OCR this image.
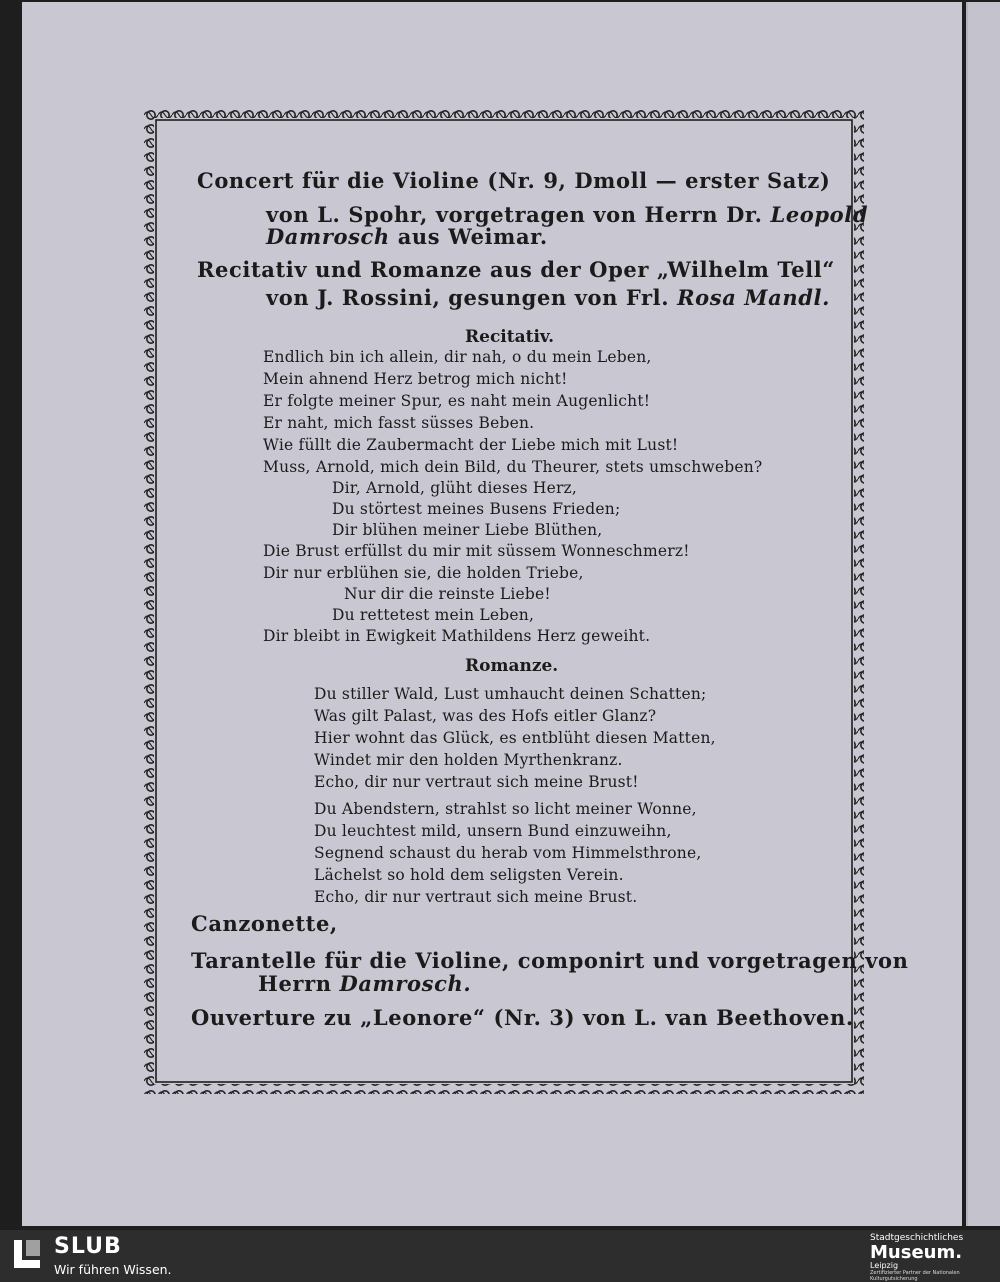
Concert für die Violine (Nr. 9, Dmoll — erster Satz)
von L. Spohr, vorgetragen von Herrn Dr. Leopold
Damrosch aus Weimar.
Recitativ und Romanze aus der Oper „Wilhelm Tell“
von J. Rossini, gesungen von Frl. Rosa Mandl.
Recitativ.
Endlich bin ich allein, dir nah, o du mein Leben,
Mein ahnend Herz betrog mich nicht!
Er folgte meiner Spur, es naht mein Augenlicht!
Er naht, mich fasst süsses Beben.
Wie füllt die Zaubermacht der Liebe mich mit Lust!
Muss, Arnold, mich dein Bild, du Theurer, stets umschweben?
Dir, Arnold, glüht dieses Herz,
Du störtest meines Busens Frieden;
Dir blühen meiner Liebe Blüthen,
Die Brust erfüllst du mir mit süssem Wonneschmerz!
Dir nur erblühen sie, die holden Triebe,
Nur dir die reinste Liebe!
Du rettetest mein Leben,
Dir bleibt in Ewigkeit Mathildens Herz geweiht.
Romanze.
Du stiller Wald, Lust umhaucht deinen Schatten;
Was gilt Palast, was des Hofs eitler Glanz?
Hier wohnt das Glück, es entblüht diesen Matten,
Windet mir den holden Myrthenkranz.
Echo, dir nur vertraut sich meine Brust!
Du Abendstern, strahlst so licht meiner Wonne,
Du leuchtest mild, unsern Bund einzuweihn,
Segnend schaust du herab vom Himmelsthrone,
Lächelst so hold dem seligsten Verein.
Echo, dir nur vertraut sich meine Brust.
Canzonette,
Tarantelle für die Violine, componirt und vorgetragen von
Herrn Damrosch.
Ouverture zu „Leonore“ (Nr. 3) von L. van Beethoven.
SLUB
Wir führen Wissen.
Stadtgeschichtliches
Museum.
Leipzig
Zertifizierter Partner der Nationalen Kulturgutsicherung
